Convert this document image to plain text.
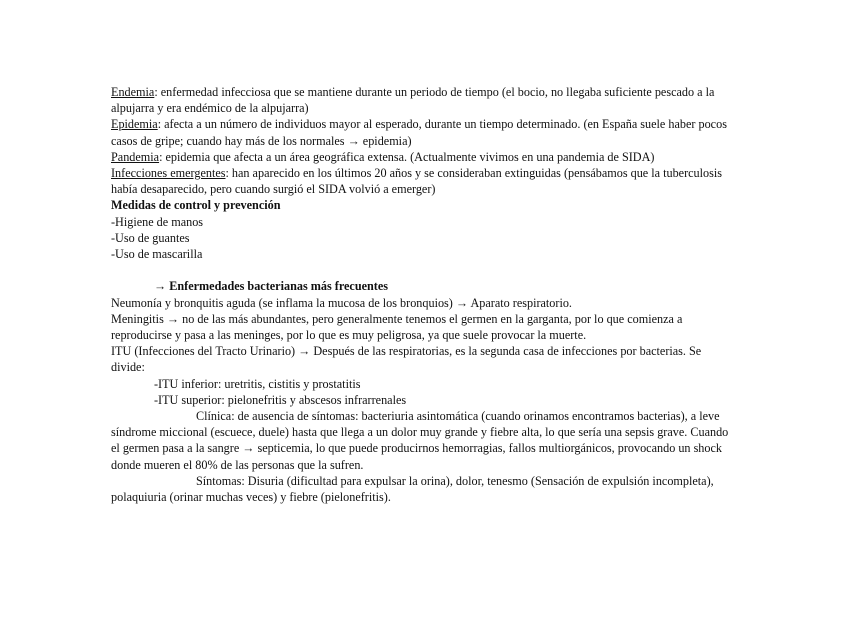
Endemia: enfermedad infecciosa que se mantiene durante un periodo de tiempo (el bocio, no llegaba suficiente pescado a la alpujarra y era endémico de la alpujarra)

Epidemia: afecta a un número de individuos mayor al esperado, durante un tiempo determinado. (en España suele haber pocos casos de gripe; cuando hay más de los normales → epidemia)

Pandemia: epidemia que afecta a un área geográfica extensa. (Actualmente vivimos en una pandemia de SIDA)

Infecciones emergentes: han aparecido en los últimos 20 años y se consideraban extinguidas (pensábamos que la tuberculosis había desaparecido, pero cuando surgió el SIDA volvió a emerger)

Medidas de control y prevención

-Higiene de manos

-Uso de guantes

-Uso de mascarilla

→ Enfermedades bacterianas más frecuentes

Neumonía y bronquitis aguda (se inflama la mucosa de los bronquios) → Aparato respiratorio.

Meningitis → no de las más abundantes, pero generalmente tenemos el germen en la garganta, por lo que comienza a reproducirse y pasa a las meninges, por lo que es muy peligrosa, ya que suele provocar la muerte.

ITU (Infecciones del Tracto Urinario) → Después de las respiratorias, es la segunda casa de infecciones por bacterias. Se divide:

-ITU inferior: uretritis, cistitis y prostatitis

-ITU superior: pielonefritis y abscesos infrarrenales

Clínica: de ausencia de síntomas: bacteriuria asintomática (cuando orinamos encontramos bacterias), a leve síndrome miccional (escuece, duele) hasta que llega a un dolor muy grande y fiebre alta, lo que sería una sepsis grave. Cuando el germen pasa a la sangre → septicemia, lo que puede producirnos hemorragias, fallos multiorgánicos, provocando un shock donde mueren el 80% de las personas que la sufren.

Síntomas: Disuria (dificultad para expulsar la orina), dolor, tenesmo (Sensación de expulsión incompleta), polaquiuria (orinar muchas veces) y fiebre (pielonefritis).
